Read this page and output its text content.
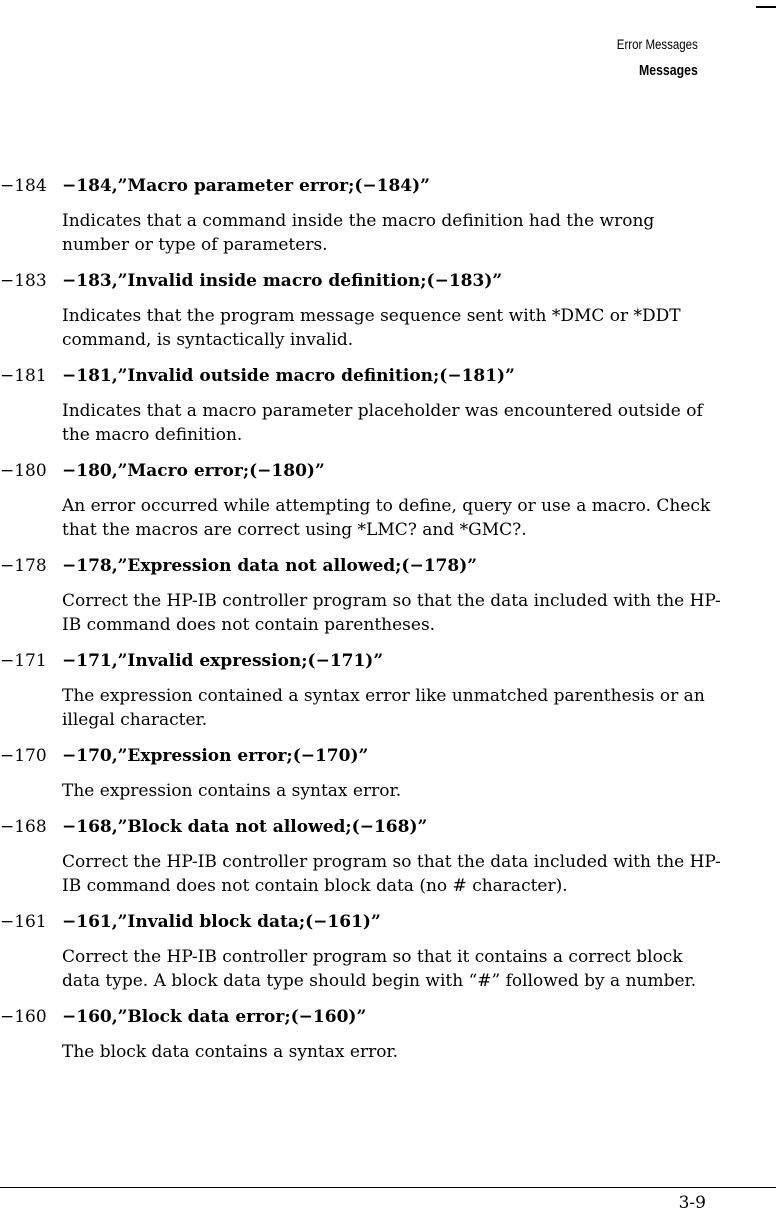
Error Messages
Messages
−184 −184,”Macro parameter error;(−184)”
Indicates that a command inside the macro definition had the wrong number or type of parameters.
−183 −183,”Invalid inside macro definition;(−183)”
Indicates that the program message sequence sent with *DMC or *DDT command, is syntactically invalid.
−181 −181,”Invalid outside macro definition;(−181)”
Indicates that a macro parameter placeholder was encountered outside of the macro definition.
−180 −180,”Macro error;(−180)”
An error occurred while attempting to define, query or use a macro. Check that the macros are correct using *LMC? and *GMC?.
−178 −178,”Expression data not allowed;(−178)”
Correct the HP-IB controller program so that the data included with the HP-IB command does not contain parentheses.
−171 −171,”Invalid expression;(−171)”
The expression contained a syntax error like unmatched parenthesis or an illegal character.
−170 −170,”Expression error;(−170)”
The expression contains a syntax error.
−168 −168,”Block data not allowed;(−168)”
Correct the HP-IB controller program so that the data included with the HP-IB command does not contain block data (no # character).
−161 −161,”Invalid block data;(−161)”
Correct the HP-IB controller program so that it contains a correct block data type. A block data type should begin with “#” followed by a number.
−160 −160,”Block data error;(−160)”
The block data contains a syntax error.
3-9
